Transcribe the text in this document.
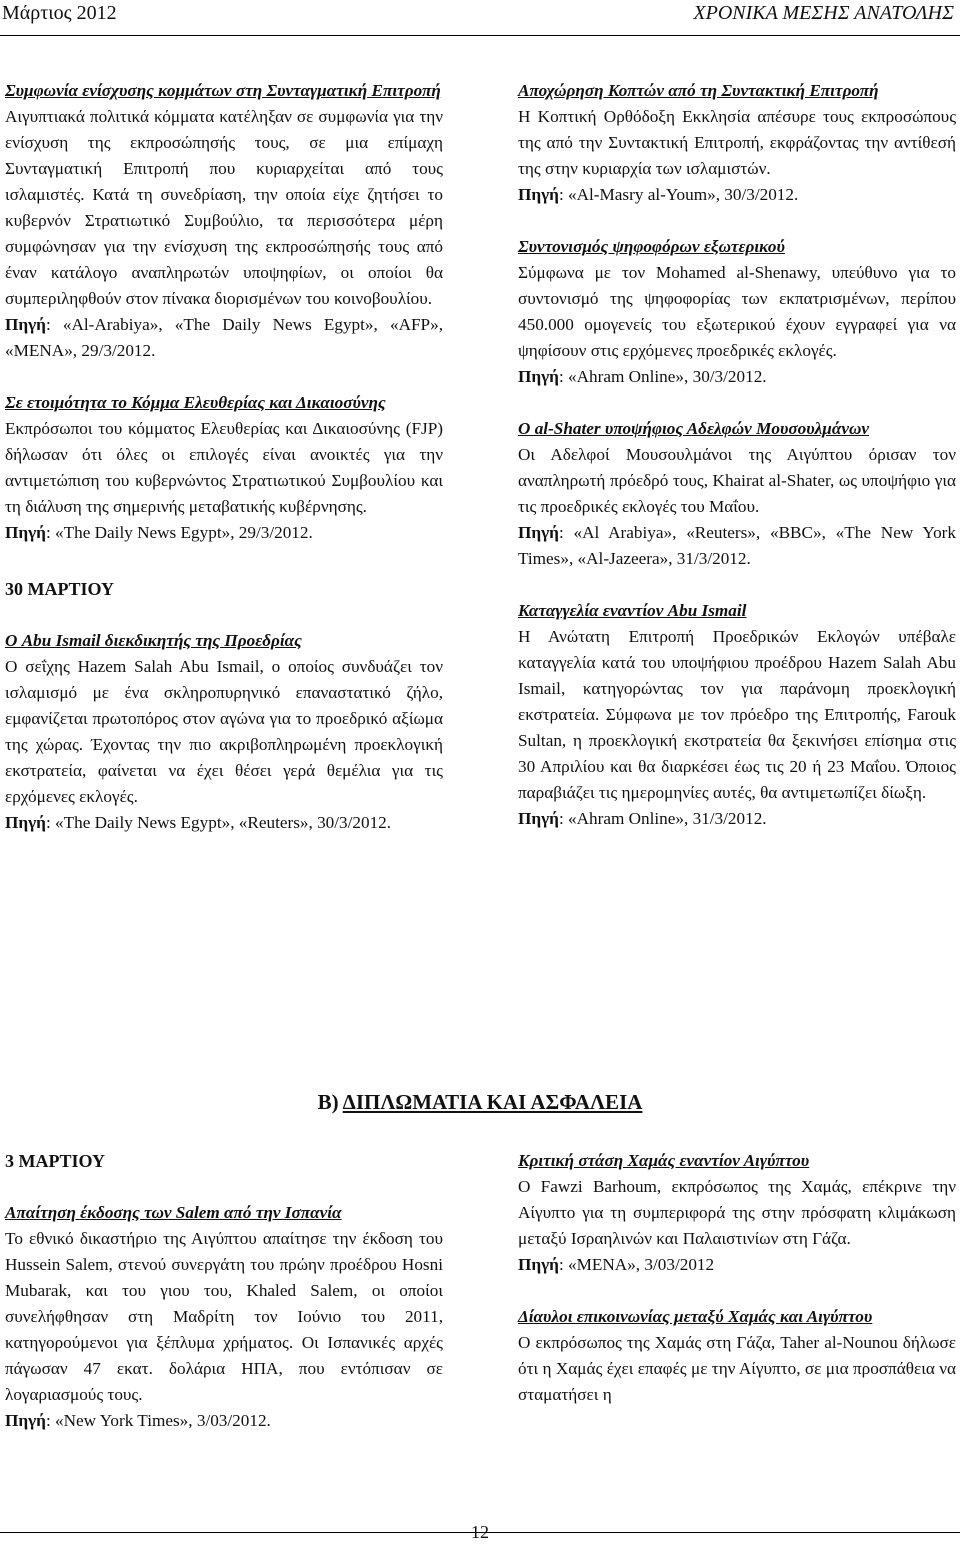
Μάρτιος 2012	ΧΡΟΝΙΚΑ ΜΕΣΗΣ ΑΝΑΤΟΛΗΣ
Συμφωνία ενίσχυσης κομμάτων στη Συνταγματική Επιτροπή
Αιγυπτιακά πολιτικά κόμματα κατέληξαν σε συμφωνία για την ενίσχυση της εκπροσώπησής τους, σε μια επίμαχη Συνταγματική Επιτροπή που κυριαρχείται από τους ισλαμιστές. Κατά τη συνεδρίαση, την οποία είχε ζητήσει το κυβερνόν Στρατιωτικό Συμβούλιο, τα περισσότερα μέρη συμφώνησαν για την ενίσχυση της εκπροσώπησής τους από έναν κατάλογο αναπληρωτών υποψηφίων, οι οποίοι θα συμπεριληφθούν στον πίνακα διορισμένων του κοινοβουλίου.
Πηγή: «Al-Arabiya», «The Daily News Egypt», «AFP», «MENA», 29/3/2012.
Σε ετοιμότητα το Κόμμα Ελευθερίας και Δικαιοσύνης
Εκπρόσωποι του κόμματος Ελευθερίας και Δικαιοσύνης (FJP) δήλωσαν ότι όλες οι επιλογές είναι ανοικτές για την αντιμετώπιση του κυβερνώντος Στρατιωτικού Συμβουλίου και τη διάλυση της σημερινής μεταβατικής κυβέρνησης.
Πηγή: «The Daily News Egypt», 29/3/2012.
30 ΜΑΡΤΙΟΥ
Ο Abu Ismail διεκδικητής της Προεδρίας
Ο σεΐχης Hazem Salah Abu Ismail, ο οποίος συνδυάζει τον ισλαμισμό με ένα σκληροπυρηνικό επαναστατικό ζήλο, εμφανίζεται πρωτοπόρος στον αγώνα για το προεδρικό αξίωμα της χώρας. Έχοντας την πιο ακριβοπληρωμένη προεκλογική εκστρατεία, φαίνεται να έχει θέσει γερά θεμέλια για τις ερχόμενες εκλογές.
Πηγή: «The Daily News Egypt», «Reuters», 30/3/2012.
Αποχώρηση Κοπτών από τη Συντακτική Επιτροπή
Η Κοπτική Ορθόδοξη Εκκλησία απέσυρε τους εκπροσώπους της από την Συντακτική Επιτροπή, εκφράζοντας την αντίθεσή της στην κυριαρχία των ισλαμιστών.
Πηγή: «Al-Masry al-Youm», 30/3/2012.
Συντονισμός ψηφοφόρων εξωτερικού
Σύμφωνα με τον Mohamed al-Shenawy, υπεύθυνο για το συντονισμό της ψηφοφορίας των εκπατρισμένων, περίπου 450.000 ομογενείς του εξωτερικού έχουν εγγραφεί για να ψηφίσουν στις ερχόμενες προεδρικές εκλογές.
Πηγή: «Ahram Online», 30/3/2012.
Ο al-Shater υποψήφιος Αδελφών Μουσουλμάνων
Οι Αδελφοί Μουσουλμάνοι της Αιγύπτου όρισαν τον αναπληρωτή πρόεδρό τους, Khairat al-Shater, ως υποψήφιο για τις προεδρικές εκλογές του Μαΐου.
Πηγή: «Al Arabiya», «Reuters», «BBC», «The New York Times», «Al-Jazeera», 31/3/2012.
Καταγγελία εναντίον Abu Ismail
Η Ανώτατη Επιτροπή Προεδρικών Εκλογών υπέβαλε καταγγελία κατά του υποψήφιου προέδρου Hazem Salah Abu Ismail, κατηγορώντας τον για παράνομη προεκλογική εκστρατεία. Σύμφωνα με τον πρόεδρο της Επιτροπής, Farouk Sultan, η προεκλογική εκστρατεία θα ξεκινήσει επίσημα στις 30 Απριλίου και θα διαρκέσει έως τις 20 ή 23 Μαΐου. Όποιος παραβιάζει τις ημερομηνίες αυτές, θα αντιμετωπίζει δίωξη.
Πηγή: «Ahram Online», 31/3/2012.
Β) ΔΙΠΛΩΜΑΤΙΑ ΚΑΙ ΑΣΦΑΛΕΙΑ
3 ΜΑΡΤΙΟΥ
Απαίτηση έκδοσης των Salem από την Ισπανία
Το εθνικό δικαστήριο της Αιγύπτου απαίτησε την έκδοση του Hussein Salem, στενού συνεργάτη του πρώην προέδρου Hosni Mubarak, και του γιου του, Khaled Salem, οι οποίοι συνελήφθησαν στη Μαδρίτη τον Ιούνιο του 2011, κατηγορούμενοι για ξέπλυμα χρήματος. Οι Ισπανικές αρχές πάγωσαν 47 εκατ. δολάρια ΗΠΑ, που εντόπισαν σε λογαριασμούς τους.
Πηγή: «New York Times», 3/03/2012.
Κριτική στάση Χαμάς εναντίον Αιγύπτου
Ο Fawzi Barhoum, εκπρόσωπος της Χαμάς, επέκρινε την Αίγυπτο για τη συμπεριφορά της στην πρόσφατη κλιμάκωση μεταξύ Ισραηλινών και Παλαιστινίων στη Γάζα.
Πηγή: «MENA», 3/03/2012
Δίαυλοι επικοινωνίας μεταξύ Χαμάς και Αιγύπτου
Ο εκπρόσωπος της Χαμάς στη Γάζα, Taher al-Nounou δήλωσε ότι η Χαμάς έχει επαφές με την Αίγυπτο, σε μια προσπάθεια να σταματήσει η
12
